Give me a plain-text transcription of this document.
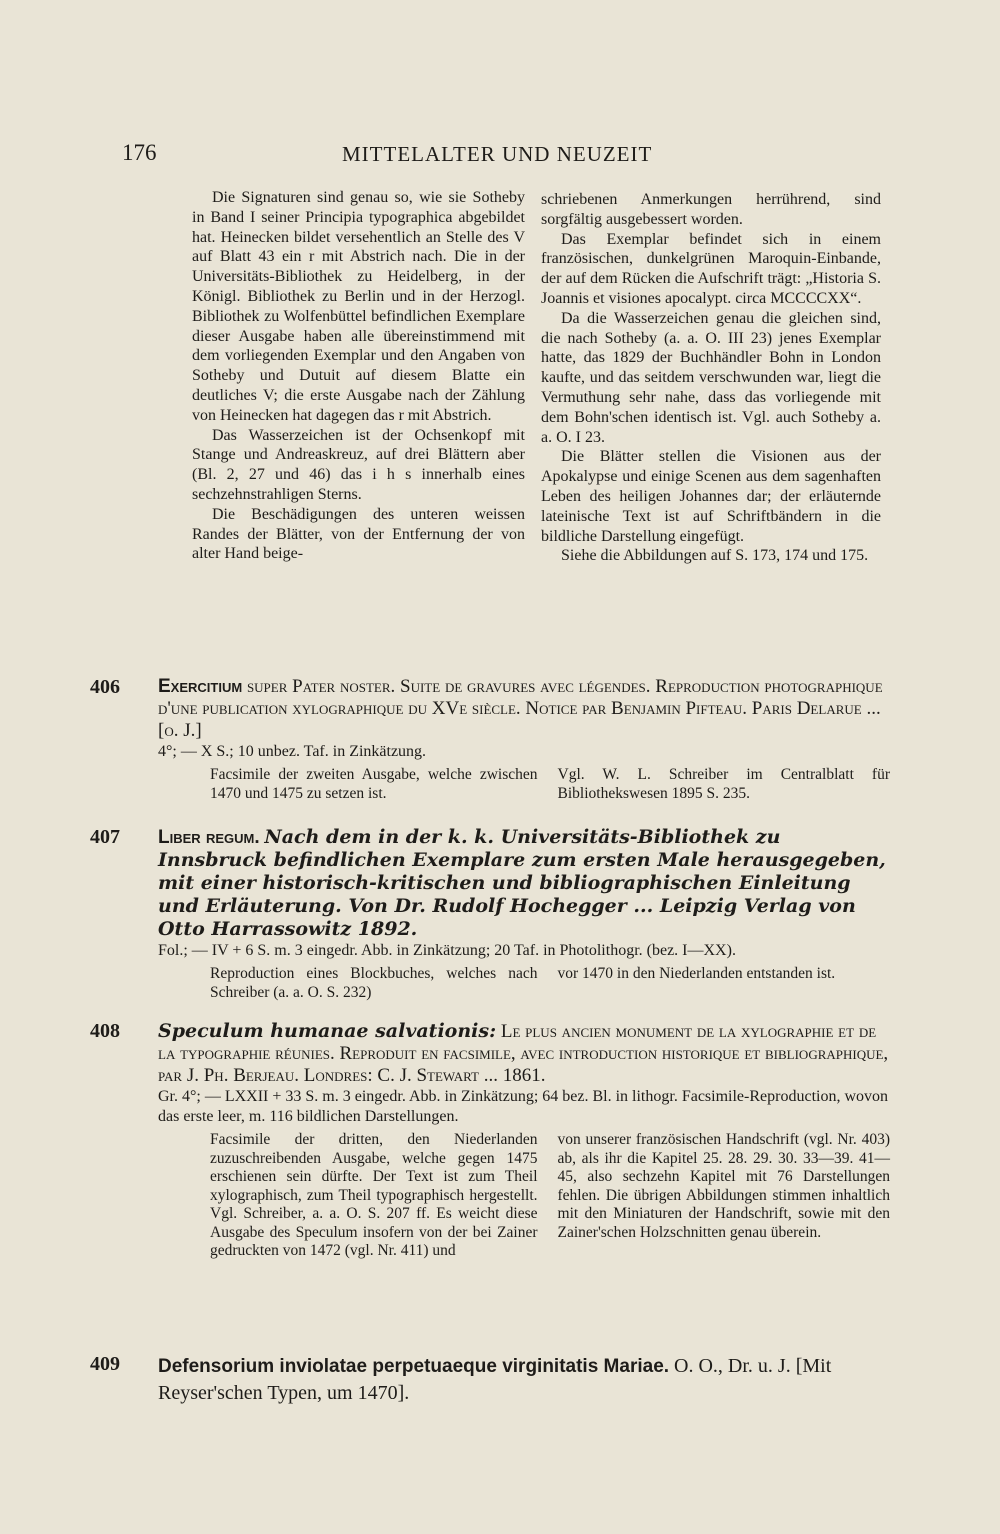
176	MITTELALTER UND NEUZEIT

Die Signaturen sind genau so, wie sie Sotheby in Band I seiner Principia typographica abgebildet hat. Heinecken bildet versehentlich an Stelle des V auf Blatt 43 ein r mit Abstrich nach. Die in der Universitäts-Bibliothek zu Heidelberg, in der Königl. Bibliothek zu Berlin und in der Herzogl. Bibliothek zu Wolfenbüttel befindlichen Exemplare dieser Ausgabe haben alle übereinstimmend mit dem vorliegenden Exemplar und den Angaben von Sotheby und Dutuit auf diesem Blatte ein deutliches V; die erste Ausgabe nach der Zählung von Heinecken hat dagegen das r mit Abstrich.

Das Wasserzeichen ist der Ochsenkopf mit Stange und Andreaskreuz, auf drei Blättern aber (Bl. 2, 27 und 46) das i h s innerhalb eines sechzehnstrahligen Sterns.

Die Beschädigungen des unteren weissen Randes der Blätter, von der Entfernung der von alter Hand beige-

schriebenen Anmerkungen herrührend, sind sorgfältig ausgebessert worden.

Das Exemplar befindet sich in einem französischen, dunkelgrünen Maroquin-Einbande, der auf dem Rücken die Aufschrift trägt: „Historia S. Joannis et visiones apocalypt. circa MCCCCXX“.

Da die Wasserzeichen genau die gleichen sind, die nach Sotheby (a. a. O. III 23) jenes Exemplar hatte, das 1829 der Buchhändler Bohn in London kaufte, und das seitdem verschwunden war, liegt die Vermuthung sehr nahe, dass das vorliegende mit dem Bohn'schen identisch ist. Vgl. auch Sotheby a. a. O. I 23.

Die Blätter stellen die Visionen aus der Apokalypse und einige Scenen aus dem sagenhaften Leben des heiligen Johannes dar; der erläuternde lateinische Text ist auf Schriftbändern in die bildliche Darstellung eingefügt.

Siehe die Abbildungen auf S. 173, 174 und 175.

406 Exercitium super Pater noster. Suite de gravures avec légendes. Reproduction photographique d'une publication xylographique du XVe siècle. Notice par Benjamin Pifteau. Paris Delarue ... [o. J.]
4°; — X S.; 10 unbez. Taf. in Zinkätzung.
Facsimile der zweiten Ausgabe, welche zwischen 1470 und 1475 zu setzen ist.
Vgl. W. L. Schreiber im Centralblatt für Bibliothekswesen 1895 S. 235.
407 Liber regum. Nach dem in der k. k. Universitäts-Bibliothek zu Innsbruck befindlichen Exemplare zum ersten Male herausgegeben, mit einer historisch-kritischen und bibliographischen Einleitung und Erläuterung. Von Dr. Rudolf Hochegger ... Leipzig Verlag von Otto Harrassowitz 1892.
Fol.; — IV + 6 S. m. 3 eingedr. Abb. in Zinkätzung; 20 Taf. in Photolithogr. (bez. I—XX).
Reproduction eines Blockbuches, welches nach Schreiber (a. a. O. S. 232)
vor 1470 in den Niederlanden entstanden ist.
408 Speculum humanae salvationis: Le plus ancien monument de la xylographie et de la typographie réunies. Reproduit en facsimile, avec introduction historique et bibliographique, par J. Ph. Berjeau. Londres: C. J. Stewart ... 1861.
Gr. 4°; — LXXII + 33 S. m. 3 eingedr. Abb. in Zinkätzung; 64 bez. Bl. in lithogr. Facsimile-Reproduction, wovon das erste leer, m. 116 bildlichen Darstellungen.
Facsimile der dritten, den Niederlanden zuzuschreibenden Ausgabe, welche gegen 1475 erschienen sein dürfte. Der Text ist zum Theil xylographisch, zum Theil typographisch hergestellt. Vgl. Schreiber, a. a. O. S. 207 ff. Es weicht diese Ausgabe des Speculum insofern von der bei Zainer gedruckten von 1472 (vgl. Nr. 411) und
von unserer französischen Handschrift (vgl. Nr. 403) ab, als ihr die Kapitel 25. 28. 29. 30. 33—39. 41—45, also sechzehn Kapitel mit 76 Darstellungen fehlen. Die übrigen Abbildungen stimmen inhaltlich mit den Miniaturen der Handschrift, sowie mit den Zainer'schen Holzschnitten genau überein.
409 Defensorium inviolatae perpetuaeque virginitatis Mariae. O. O., Dr. u. J. [Mit Reyser'schen Typen, um 1470].
